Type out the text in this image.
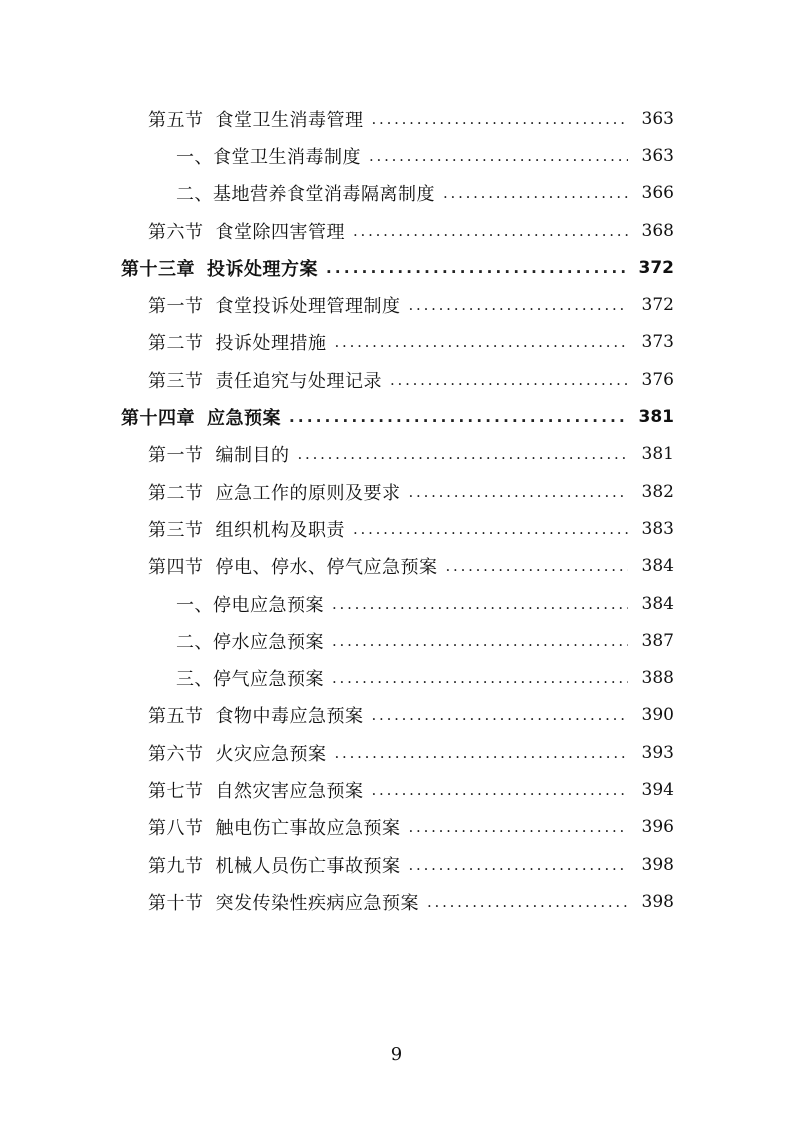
第五节 食堂卫生消毒管理 . . .	363
一、食堂卫生消毒制度 . . .	363
二、基地营养食堂消毒隔离制度 . . .	366
第六节 食堂除四害管理 . . .	368
第十三章 投诉处理方案 . . .	372
第一节 食堂投诉处理管理制度 . . .	372
第二节 投诉处理措施 . . .	373
第三节 责任追究与处理记录 . . .	376
第十四章 应急预案 . . .	381
第一节 编制目的 . . .	381
第二节 应急工作的原则及要求 . . .	382
第三节 组织机构及职责 . . .	383
第四节 停电、停水、停气应急预案 . . .	384
一、停电应急预案 . . .	384
二、停水应急预案 . . .	387
三、停气应急预案 . . .	388
第五节 食物中毒应急预案 . . .	390
第六节 火灾应急预案 . . .	393
第七节 自然灾害应急预案 . . .	394
第八节 触电伤亡事故应急预案 . . .	396
第九节 机械人员伤亡事故预案 . . .	398
第十节 突发传染性疾病应急预案 . . .	398
9
